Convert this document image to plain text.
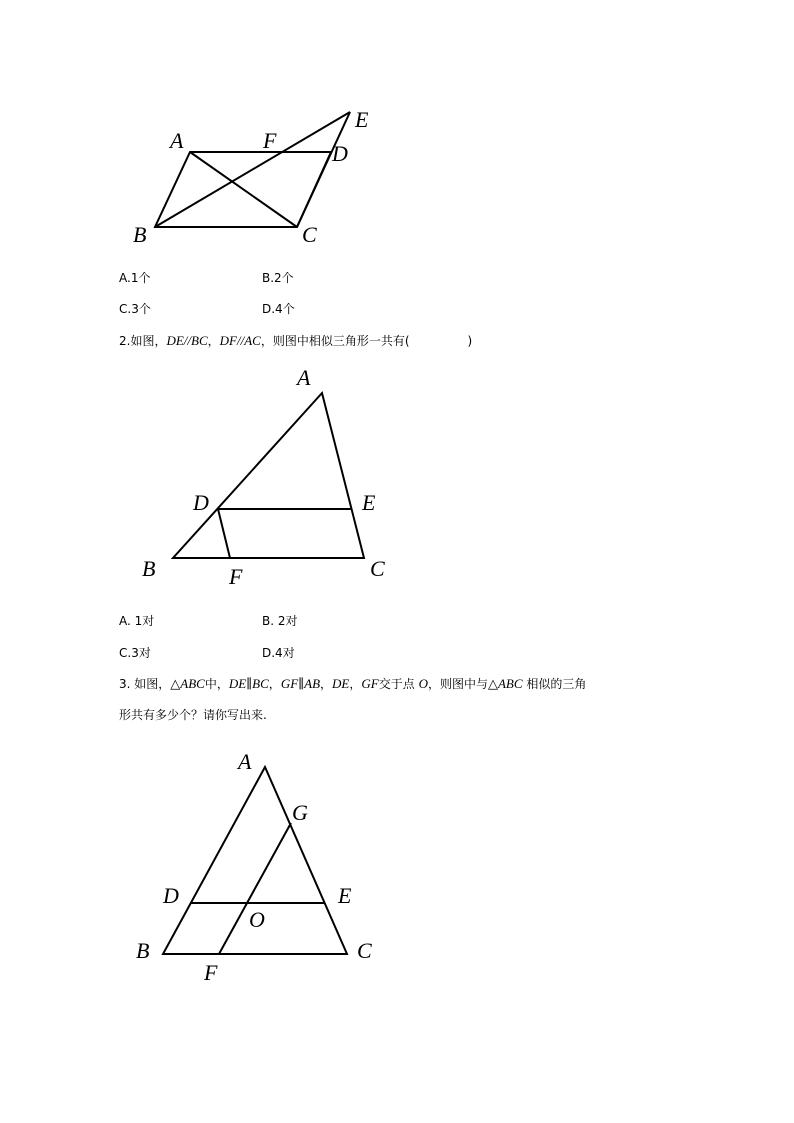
A	F
D
E
B	C
A.1个	B.2个
C.3个	D.4个
2.如图，DE//BC，DF//AC，则图中相似三角形一共有(	)
A
D	E
B	F	C
A. 1对	B. 2对
C.3对	D.4对
3. 如图，△ABC中，DE∥BC，GF∥AB，DE，GF交于点 O，则图中与△ABC 相似的三角
形共有多少个？请你写出来.
A
G
D	E
O
B
F
C
